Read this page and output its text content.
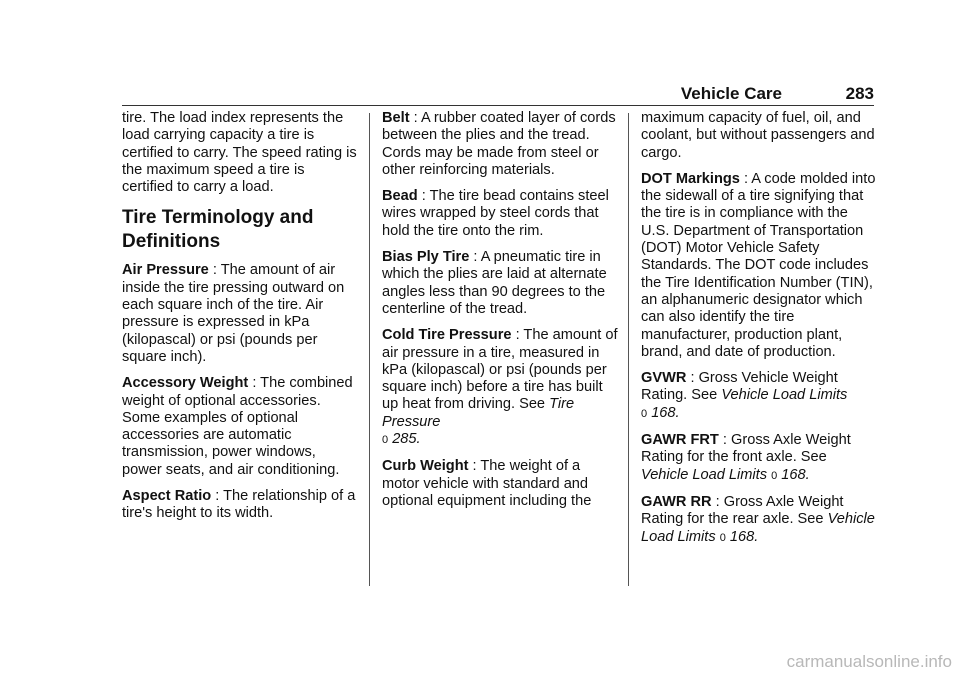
Vehicle Care	283

tire. The load index represents the load carrying capacity a tire is certified to carry. The speed rating is the maximum speed a tire is certified to carry a load.

Tire Terminology and Definitions

Air Pressure : The amount of air inside the tire pressing outward on each square inch of the tire. Air pressure is expressed in kPa (kilopascal) or psi (pounds per square inch).

Accessory Weight : The combined weight of optional accessories. Some examples of optional accessories are automatic transmission, power windows, power seats, and air conditioning.

Aspect Ratio : The relationship of a tire's height to its width.

Belt : A rubber coated layer of cords between the plies and the tread. Cords may be made from steel or other reinforcing materials.

Bead : The tire bead contains steel wires wrapped by steel cords that hold the tire onto the rim.

Bias Ply Tire : A pneumatic tire in which the plies are laid at alternate angles less than 90 degrees to the centerline of the tread.

Cold Tire Pressure : The amount of air pressure in a tire, measured in kPa (kilopascal) or psi (pounds per square inch) before a tire has built up heat from driving. See Tire Pressure
0 285.

Curb Weight : The weight of a motor vehicle with standard and optional equipment including the

maximum capacity of fuel, oil, and coolant, but without passengers and cargo.

DOT Markings : A code molded into the sidewall of a tire signifying that the tire is in compliance with the U.S. Department of Transportation (DOT) Motor Vehicle Safety Standards. The DOT code includes the Tire Identification Number (TIN), an alphanumeric designator which can also identify the tire manufacturer, production plant, brand, and date of production.

GVWR : Gross Vehicle Weight Rating. See Vehicle Load Limits
0 168.

GAWR FRT : Gross Axle Weight Rating for the front axle. See Vehicle Load Limits 0 168.

GAWR RR : Gross Axle Weight Rating for the rear axle. See Vehicle Load Limits 0 168.

carmanualsonline.info
